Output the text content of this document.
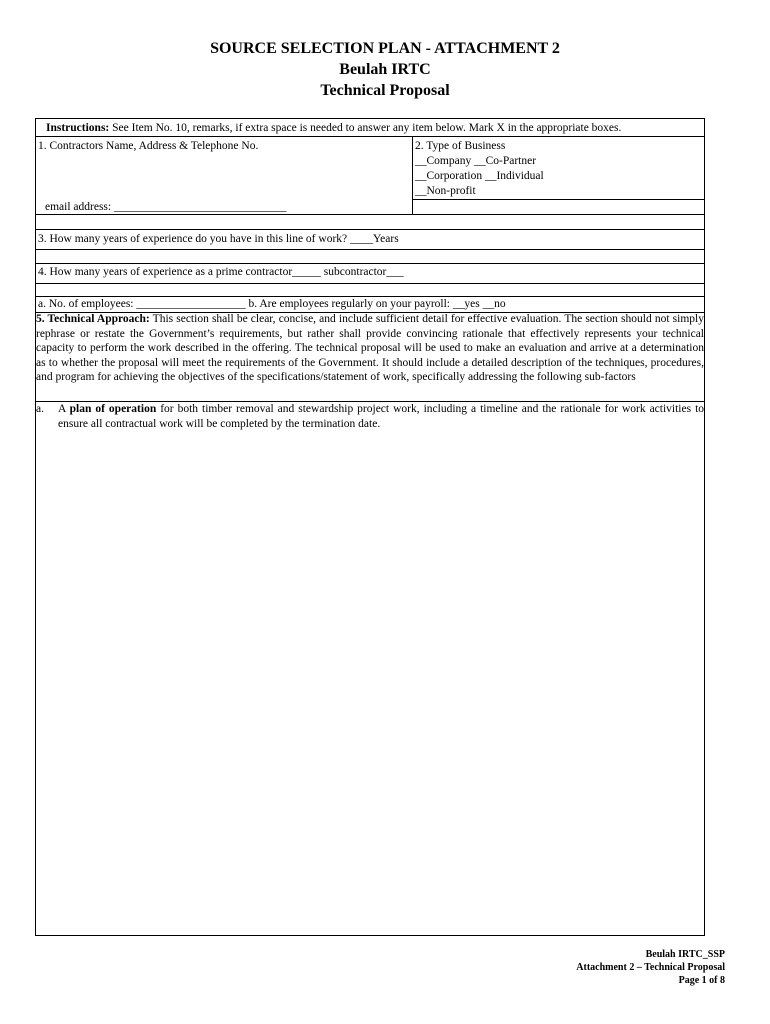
SOURCE SELECTION PLAN - ATTACHMENT 2
Beulah IRTC
Technical Proposal
Instructions: See Item No. 10, remarks, if extra space is needed to answer any item below. Mark X in the appropriate boxes.
1. Contractors Name, Address & Telephone No.
email address: ______________________________
2. Type of Business
__Company __Co-Partner
__Corporation __Individual
__Non-profit
3. How many years of experience do you have in this line of work? ____Years
4. How many years of experience as a prime contractor_____ subcontractor___
a. No. of employees: ___________________ b. Are employees regularly on your payroll: __yes __no
5. Technical Approach: This section shall be clear, concise, and include sufficient detail for effective evaluation. The section should not simply rephrase or restate the Government’s requirements, but rather shall provide convincing rationale that effectively represents your technical capacity to perform the work described in the offering. The technical proposal will be used to make an evaluation and arrive at a determination as to whether the proposal will meet the requirements of the Government. It should include a detailed description of the techniques, procedures, and program for achieving the objectives of the specifications/statement of work, specifically addressing the following sub-factors
a. A plan of operation for both timber removal and stewardship project work, including a timeline and the rationale for work activities to ensure all contractual work will be completed by the termination date.
Beulah IRTC_SSP
Attachment 2 – Technical Proposal
Page 1 of 8
